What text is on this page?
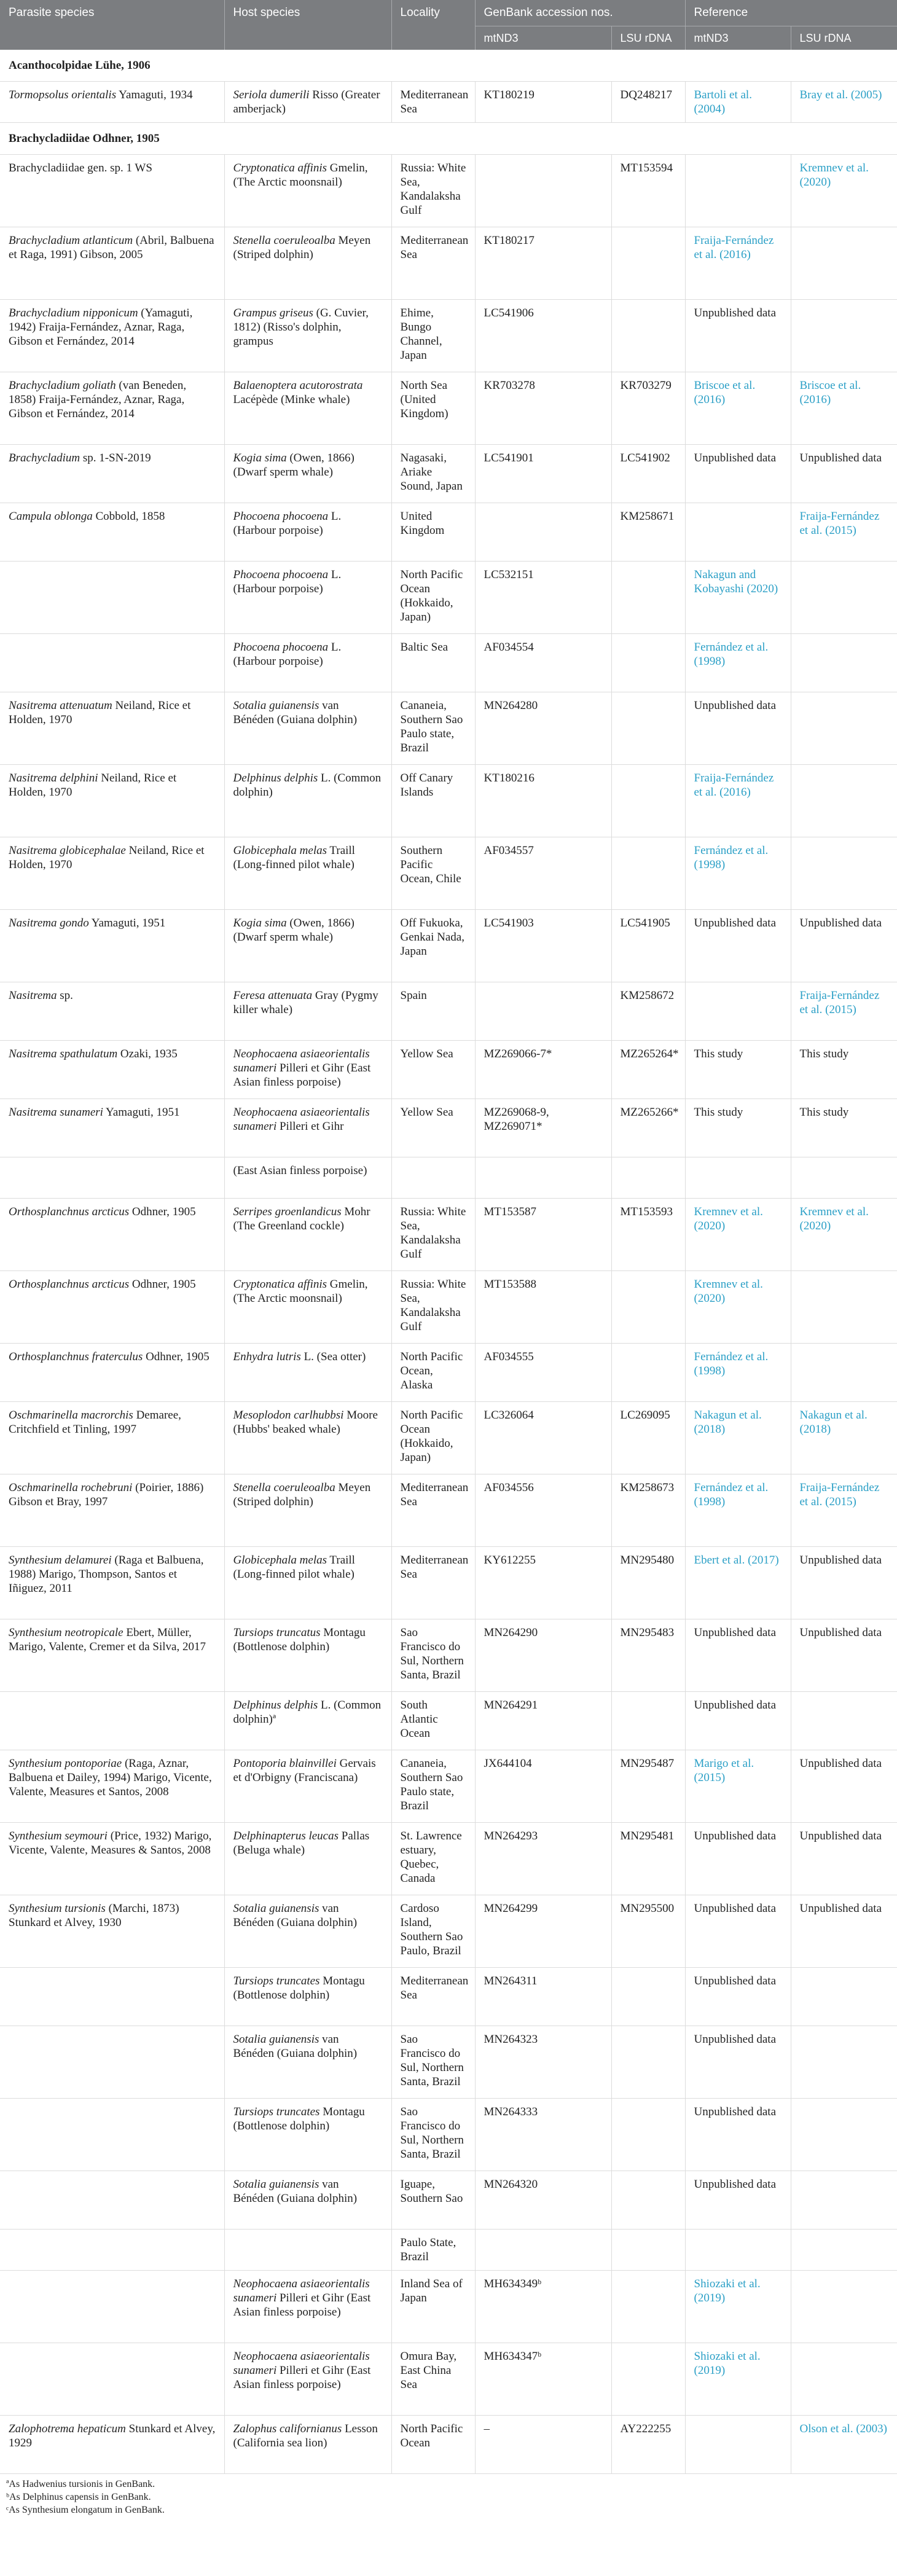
Parasite species	Host species	Locality	GenBank accession nos.		Reference	
			mtND3	LSU rDNA	mtND3	LSU rDNA
Acanthocolpidae Lühe, 1906						
Tormopsolus orientalis Yamaguti, 1934	Seriola dumerili Risso (Greater amberjack)	Mediterranean Sea	KT180219	DQ248217	Bartoli et al. (2004)	Bray et al. (2005)
Brachycladiidae Odhner, 1905						
Brachycladiidae gen. sp. 1 WS	Cryptonatica affinis Gmelin, (The Arctic moonsnail)	Russia: White Sea, Kandalaksha Gulf		MT153594		Kremnev et al. (2020)
Brachycladium atlanticum (Abril, Balbuena et Raga, 1991) Gibson, 2005	Stenella coeruleoalba Meyen (Striped dolphin)	Mediterranean Sea	KT180217		Fraija-Fernández et al. (2016)	
Brachycladium nipponicum (Yamaguti, 1942) Fraija-Fernández, Aznar, Raga, Gibson et Fernández, 2014	Grampus griseus (G. Cuvier, 1812) (Risso's dolphin, grampus	Ehime, Bungo Channel, Japan	LC541906		Unpublished data	
Brachycladium goliath (van Beneden, 1858) Fraija-Fernández, Aznar, Raga, Gibson et Fernández, 2014	Balaenoptera acutorostrata Lacépède (Minke whale)	North Sea (United Kingdom)	KR703278	KR703279	Briscoe et al. (2016)	Briscoe et al. (2016)
Brachycladium sp. 1-SN-2019	Kogia sima (Owen, 1866) (Dwarf sperm whale)	Nagasaki, Ariake Sound, Japan	LC541901	LC541902	Unpublished data	Unpublished data
Campula oblonga Cobbold, 1858	Phocoena phocoena L. (Harbour porpoise)	United Kingdom		KM258671		Fraija-Fernández et al. (2015)
	Phocoena phocoena L. (Harbour porpoise)	North Pacific Ocean (Hokkaido, Japan)	LC532151		Nakagun and Kobayashi (2020)	
	Phocoena phocoena L. (Harbour porpoise)	Baltic Sea	AF034554		Fernández et al. (1998)	
Nasitrema attenuatum Neiland, Rice et Holden, 1970	Sotalia guianensis van Bénéden (Guiana dolphin)	Cananeia, Southern Sao Paulo state, Brazil	MN264280		Unpublished data	
Nasitrema delphini Neiland, Rice et Holden, 1970	Delphinus delphis L. (Common dolphin)	Off Canary Islands	KT180216		Fraija-Fernández et al. (2016)	
Nasitrema globicephalae Neiland, Rice et Holden, 1970	Globicephala melas Traill (Long-finned pilot whale)	Southern Pacific Ocean, Chile	AF034557		Fernández et al. (1998)	
Nasitrema gondo Yamaguti, 1951	Kogia sima (Owen, 1866) (Dwarf sperm whale)	Off Fukuoka, Genkai Nada, Japan	LC541903	LC541905	Unpublished data	Unpublished data
Nasitrema sp.	Feresa attenuata Gray (Pygmy killer whale)	Spain		KM258672		Fraija-Fernández et al. (2015)
Nasitrema spathulatum Ozaki, 1935	Neophocaena asiaeorientalis sunameri Pilleri et Gihr (East Asian finless porpoise)	Yellow Sea	MZ269066-7*	MZ265264*	This study	This study
Nasitrema sunameri Yamaguti, 1951	Neophocaena asiaeorientalis sunameri Pilleri et Gihr	Yellow Sea	MZ269068-9, MZ269071*	MZ265266*	This study	This study
	(East Asian finless porpoise)					
Orthosplanchnus arcticus Odhner, 1905	Serripes groenlandicus Mohr (The Greenland cockle)	Russia: White Sea, Kandalaksha Gulf	MT153587	MT153593	Kremnev et al. (2020)	Kremnev et al. (2020)
Orthosplanchnus arcticus Odhner, 1905	Cryptonatica affinis Gmelin, (The Arctic moonsnail)	Russia: White Sea, Kandalaksha Gulf	MT153588		Kremnev et al. (2020)	
Orthosplanchnus fraterculus Odhner, 1905	Enhydra lutris L. (Sea otter)	North Pacific Ocean, Alaska	AF034555		Fernández et al. (1998)	
Oschmarinella macrorchis Demaree, Critchfield et Tinling, 1997	Mesoplodon carlhubbsi Moore (Hubbs' beaked whale)	North Pacific Ocean (Hokkaido, Japan)	LC326064	LC269095	Nakagun et al. (2018)	Nakagun et al. (2018)
Oschmarinella rochebruni (Poirier, 1886) Gibson et Bray, 1997	Stenella coeruleoalba Meyen (Striped dolphin)	Mediterranean Sea	AF034556	KM258673	Fernández et al. (1998)	Fraija-Fernández et al. (2015)
Synthesium delamurei (Raga et Balbuena, 1988) Marigo, Thompson, Santos et Iñiguez, 2011	Globicephala melas Traill (Long-finned pilot whale)	Mediterranean Sea	KY612255	MN295480	Ebert et al. (2017)	Unpublished data
Synthesium neotropicale Ebert, Müller, Marigo, Valente, Cremer et da Silva, 2017	Tursiops truncatus Montagu (Bottlenose dolphin)	Sao Francisco do Sul, Northern Santa, Brazil	MN264290	MN295483	Unpublished data	Unpublished data
	Delphinus delphis L. (Common dolphin)ª	South Atlantic Ocean	MN264291		Unpublished data	
Synthesium pontoporiae (Raga, Aznar, Balbuena et Dailey, 1994) Marigo, Vicente, Valente, Measures et Santos, 2008	Pontoporia blainvillei Gervais et d'Orbigny (Franciscana)	Cananeia, Southern Sao Paulo state, Brazil	JX644104	MN295487	Marigo et al. (2015)	Unpublished data
Synthesium seymouri (Price, 1932) Marigo, Vicente, Valente, Measures & Santos, 2008	Delphinapterus leucas Pallas (Beluga whale)	St. Lawrence estuary, Quebec, Canada	MN264293	MN295481	Unpublished data	Unpublished data
Synthesium tursionis (Marchi, 1873) Stunkard et Alvey, 1930	Sotalia guianensis van Bénéden (Guiana dolphin)	Cardoso Island, Southern Sao Paulo, Brazil	MN264299	MN295500	Unpublished data	Unpublished data
	Tursiops truncates Montagu (Bottlenose dolphin)	Mediterranean Sea	MN264311		Unpublished data	
	Sotalia guianensis van Bénéden (Guiana dolphin)	Sao Francisco do Sul, Northern Santa, Brazil	MN264323		Unpublished data	
	Tursiops truncates Montagu (Bottlenose dolphin)	Sao Francisco do Sul, Northern Santa, Brazil	MN264333		Unpublished data	
	Sotalia guianensis van Bénéden (Guiana dolphin)	Iguape, Southern Sao	MN264320		Unpublished data	
		Paulo State, Brazil				
	Neophocaena asiaeorientalis sunameri Pilleri et Gihr (East Asian finless porpoise)	Inland Sea of Japan	MH634349ᵇ		Shiozaki et al. (2019)	
	Neophocaena asiaeorientalis sunameri Pilleri et Gihr (East Asian finless porpoise)	Omura Bay, East China Sea	MH634347ᵇ		Shiozaki et al. (2019)	
Zalophotrema hepaticum Stunkard et Alvey, 1929	Zalophus californianus Lesson (California sea lion)	North Pacific Ocean	–	AY222255		Olson et al. (2003)

ªAs Hadwenius tursionis in GenBank.

ᵇAs Delphinus capensis in GenBank.

ᶜAs Synthesium elongatum in GenBank.
